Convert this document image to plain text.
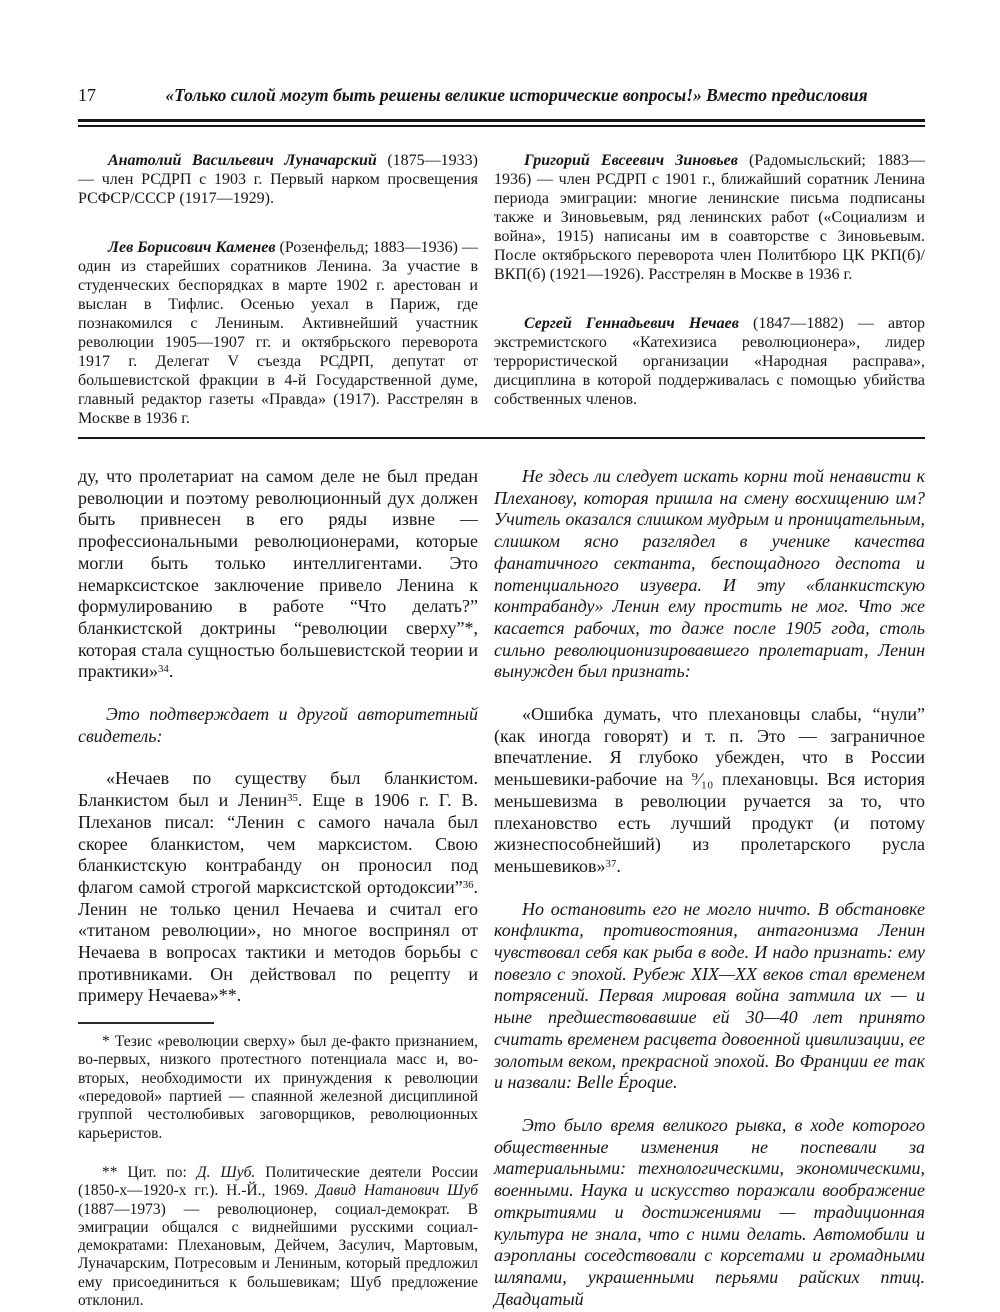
17	«Только силой могут быть решены великие исторические вопросы!» Вместо предисловия

Анатолий Васильевич Луначарский (1875—1933) — член РСДРП с 1903 г. Первый нарком просвещения РСФСР/СССР (1917—1929).

Лев Борисович Каменев (Розенфельд; 1883—1936) — один из старейших соратников Ленина. За участие в студенческих беспорядках в марте 1902 г. арестован и выслан в Тифлис. Осенью уехал в Париж, где познакомился с Лениным. Активнейший участник революции 1905—1907 гг. и октябрьского переворота 1917 г. Делегат V съезда РСДРП, депутат от большевистской фракции в 4-й Государственной думе, главный редактор газеты «Правда» (1917). Расстрелян в Москве в 1936 г.

Григорий Евсеевич Зиновьев (Радомысльский; 1883—1936) — член РСДРП с 1901 г., ближайший соратник Ленина периода эмиграции: многие ленинские письма подписаны также и Зиновьевым, ряд ленинских работ («Социализм и война», 1915) написаны им в соавторстве с Зиновьевым. После октябрьского переворота член Политбюро ЦК РКП(б)/ВКП(б) (1921—1926). Расстрелян в Москве в 1936 г.

Сергей Геннадьевич Нечаев (1847—1882) — автор экстремистского «Катехизиса революционера», лидер террористической организации «Народная расправа», дисциплина в которой поддерживалась с помощью убийства собственных членов.

ду, что пролетариат на самом деле не был предан революции и поэтому революционный дух должен быть привнесен в его ряды извне — профессиональными революционерами, которые могли быть только интеллигентами. Это немарксистское заключение привело Ленина к формулированию в работе “Что делать?” бланкистской доктрины “революции сверху”*, которая стала сущностью большевистской теории и практики»$^{34}$.

Это подтверждает и другой авторитетный свидетель:

«Нечаев по существу был бланкистом. Бланкистом был и Ленин$^{35}$. Еще в 1906 г. Г. В. Плеханов писал: “Ленин с самого начала был скорее бланкистом, чем марксистом. Свою бланкистскую контрабанду он проносил под флагом самой строгой марксистской ортодоксии”$^{36}$. Ленин не только ценил Нечаева и считал его «титаном революции», но многое воспринял от Нечаева в вопросах тактики и методов борьбы с противниками. Он действовал по рецепту и примеру Нечаева»**.

* Тезис «революции сверху» был де-факто признанием, во-первых, низкого протестного потенциала масс и, во-вторых, необходимости их принуждения к революции «передовой» партией — спаянной железной дисциплиной группой честолюбивых заговорщиков, революционных карьеристов.

** Цит. по: Д. Шуб. Политические деятели России (1850-х—1920-х гг.). Н.-Й., 1969. Давид Натанович Шуб (1887—1973) — революционер, социал-демократ. В эмиграции общался с виднейшими русскими социал-демократами: Плехановым, Дейчем, Засулич, Мартовым, Луначарским, Потресовым и Лениным, который предложил ему присоединиться к большевикам; Шуб предложение отклонил.

Не здесь ли следует искать корни той ненависти к Плеханову, которая пришла на смену восхищению им? Учитель оказался слишком мудрым и проницательным, слишком ясно разглядел в ученике качества фанатичного сектанта, беспощадного деспота и потенциального изувера. И эту «бланкистскую контрабанду» Ленин ему простить не мог. Что же касается рабочих, то даже после 1905 года, столь сильно революционизировавшего пролетариат, Ленин вынужден был признать:

«Ошибка думать, что плехановцы слабы, “нули” (как иногда говорят) и т. п. Это — заграничное впечатление. Я глубоко убежден, что в России меньшевики-рабочие на ⁹⁄₁₀ плехановцы. Вся история меньшевизма в революции ручается за то, что плехановство есть лучший продукт (и потому жизнеспособнейший) из пролетарского русла меньшевиков»$^{37}$.

Но остановить его не могло ничто. В обстановке конфликта, противостояния, антагонизма Ленин чувствовал себя как рыба в воде. И надо признать: ему повезло с эпохой. Рубеж XIX—XX веков стал временем потрясений. Первая мировая война затмила их — и ныне предшествовавшие ей 30—40 лет принято считать временем расцвета довоенной цивилизации, ее золотым веком, прекрасной эпохой. Во Франции ее так и назвали: Belle Époque.

Это было время великого рывка, в ходе которого общественные изменения не поспевали за материальными: технологическими, экономическими, военными. Наука и искусство поражали воображение открытиями и достижениями — традиционная культура не знала, что с ними делать. Автомобили и аэропланы соседствовали с корсетами и громадными шляпами, украшенными перьями райских птиц. Двадцатый
